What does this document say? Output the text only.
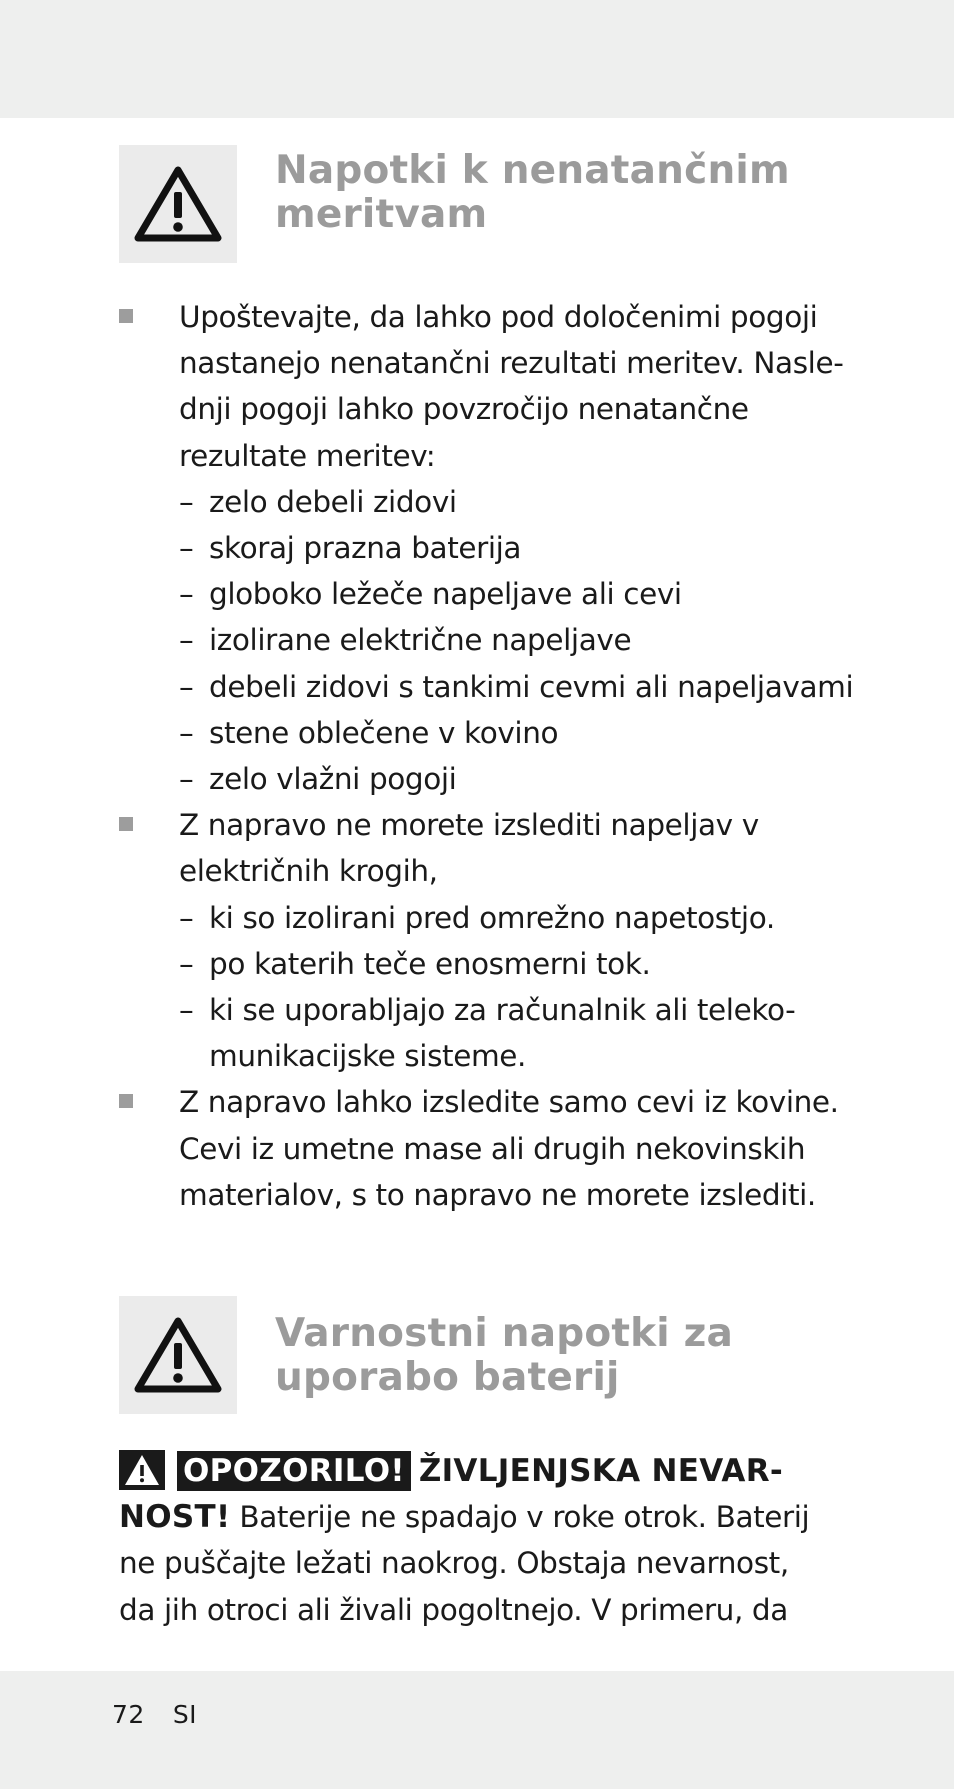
Napotki k nenatančnim
meritvam
Upoštevajte, da lahko pod določenimi pogoji
nastanejo nenatančni rezultati meritev. Nasle-
dnji pogoji lahko povzročijo nenatančne
rezultate meritev:
– zelo debeli zidovi
– skoraj prazna baterija
– globoko ležeče napeljave ali cevi
– izolirane električne napeljave
– debeli zidovi s tankimi cevmi ali napeljavami
– stene oblečene v kovino
– zelo vlažni pogoji
Z napravo ne morete izslediti napeljav v
električnih krogih,
– ki so izolirani pred omrežno napetostjo.
– po katerih teče enosmerni tok.
– ki se uporabljajo za računalnik ali teleko-
munikacijske sisteme.
Z napravo lahko izsledite samo cevi iz kovine.
Cevi iz umetne mase ali drugih nekovinskih
materialov, s to napravo ne morete izslediti.
Varnostni napotki za
uporabo baterij
OPOZORILO! ŽIVLJENJSKA NEVAR-
NOST! Baterije ne spadajo v roke otrok. Baterij
ne puščajte ležati naokrog. Obstaja nevarnost,
da jih otroci ali živali pogoltnejo. V primeru, da
72 SI
